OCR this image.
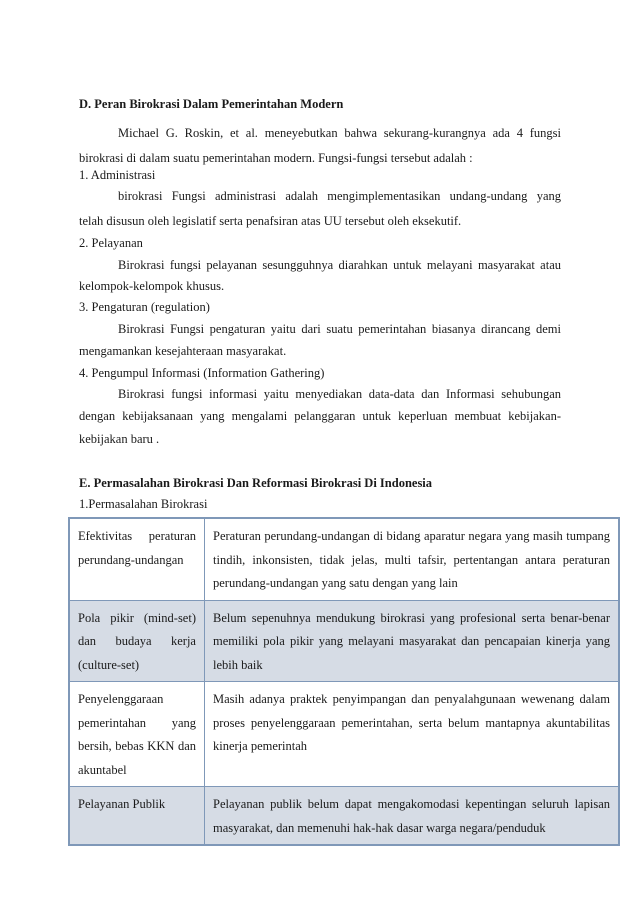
D. Peran Birokrasi Dalam Pemerintahan Modern
Michael G. Roskin, et al. meneyebutkan bahwa sekurang-kurangnya ada 4 fungsi
birokrasi di dalam suatu pemerintahan modern. Fungsi-fungsi tersebut adalah :
1. Administrasi
birokrasi Fungsi administrasi adalah mengimplementasikan undang-undang yang
telah disusun oleh legislatif serta penafsiran atas UU tersebut oleh eksekutif.
2. Pelayanan
Birokrasi fungsi pelayanan sesungguhnya diarahkan untuk melayani masyarakat atau
kelompok-kelompok khusus.
3. Pengaturan (regulation)
Birokrasi Fungsi pengaturan yaitu dari suatu pemerintahan biasanya dirancang demi
mengamankan kesejahteraan masyarakat.
4. Pengumpul Informasi (Information Gathering)
Birokrasi fungsi informasi yaitu menyediakan data-data dan Informasi sehubungan
dengan kebijaksanaan yang mengalami pelanggaran untuk keperluan membuat kebijakan-
kebijakan baru .
E. Permasalahan Birokrasi Dan Reformasi Birokrasi Di Indonesia
1.Permasalahan Birokrasi
Efektivitas peraturan perundang-undangan	Peraturan perundang-undangan di bidang aparatur negara yang masih tumpang tindih, inkonsisten, tidak jelas, multi tafsir, pertentangan antara peraturan perundang-undangan yang satu dengan yang lain
Pola pikir (mind-set) dan budaya kerja (culture-set)	Belum sepenuhnya mendukung birokrasi yang profesional serta benar-benar memiliki pola pikir yang melayani masyarakat dan pencapaian kinerja yang lebih baik
Penyelenggaraan pemerintahan yang bersih, bebas KKN dan akuntabel	Masih adanya praktek penyimpangan dan penyalahgunaan wewenang dalam proses penyelenggaraan pemerintahan, serta belum mantapnya akuntabilitas kinerja pemerintah
Pelayanan Publik	Pelayanan publik belum dapat mengakomodasi kepentingan seluruh lapisan masyarakat, dan memenuhi hak-hak dasar warga negara/penduduk
